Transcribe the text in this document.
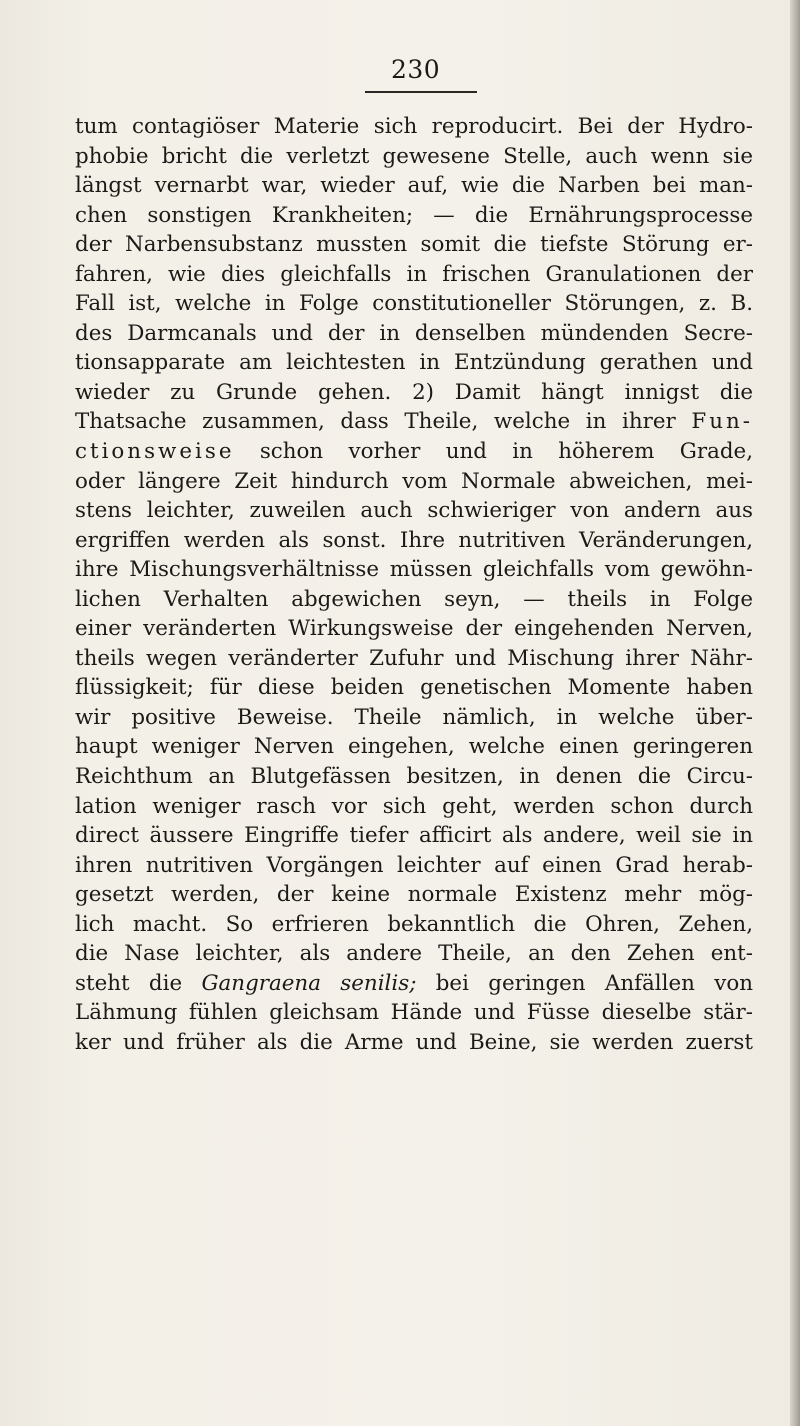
230
tum contagiöser Materie sich reproducirt. Bei der Hydro-
phobie bricht die verletzt gewesene Stelle, auch wenn sie
längst vernarbt war, wieder auf, wie die Narben bei man-
chen sonstigen Krankheiten; — die Ernährungsprocesse
der Narbensubstanz mussten somit die tiefste Störung er-
fahren, wie dies gleichfalls in frischen Granulationen der
Fall ist, welche in Folge constitutioneller Störungen, z. B.
des Darmcanals und der in denselben mündenden Secre-
tionsapparate am leichtesten in Entzündung gerathen und
wieder zu Grunde gehen. 2) Damit hängt innigst die
Thatsache zusammen, dass Theile, welche in ihrer Fun-
ctionsweise schon vorher und in höherem Grade,
oder längere Zeit hindurch vom Normale abweichen, mei-
stens leichter, zuweilen auch schwieriger von andern aus
ergriffen werden als sonst. Ihre nutritiven Veränderungen,
ihre Mischungsverhältnisse müssen gleichfalls vom gewöhn-
lichen Verhalten abgewichen seyn, — theils in Folge
einer veränderten Wirkungsweise der eingehenden Nerven,
theils wegen veränderter Zufuhr und Mischung ihrer Nähr-
flüssigkeit; für diese beiden genetischen Momente haben
wir positive Beweise. Theile nämlich, in welche über-
haupt weniger Nerven eingehen, welche einen geringeren
Reichthum an Blutgefässen besitzen, in denen die Circu-
lation weniger rasch vor sich geht, werden schon durch
direct äussere Eingriffe tiefer afficirt als andere, weil sie in
ihren nutritiven Vorgängen leichter auf einen Grad herab-
gesetzt werden, der keine normale Existenz mehr mög-
lich macht. So erfrieren bekanntlich die Ohren, Zehen,
die Nase leichter, als andere Theile, an den Zehen ent-
steht die Gangraena senilis; bei geringen Anfällen von
Lähmung fühlen gleichsam Hände und Füsse dieselbe stär-
ker und früher als die Arme und Beine, sie werden zuerst
